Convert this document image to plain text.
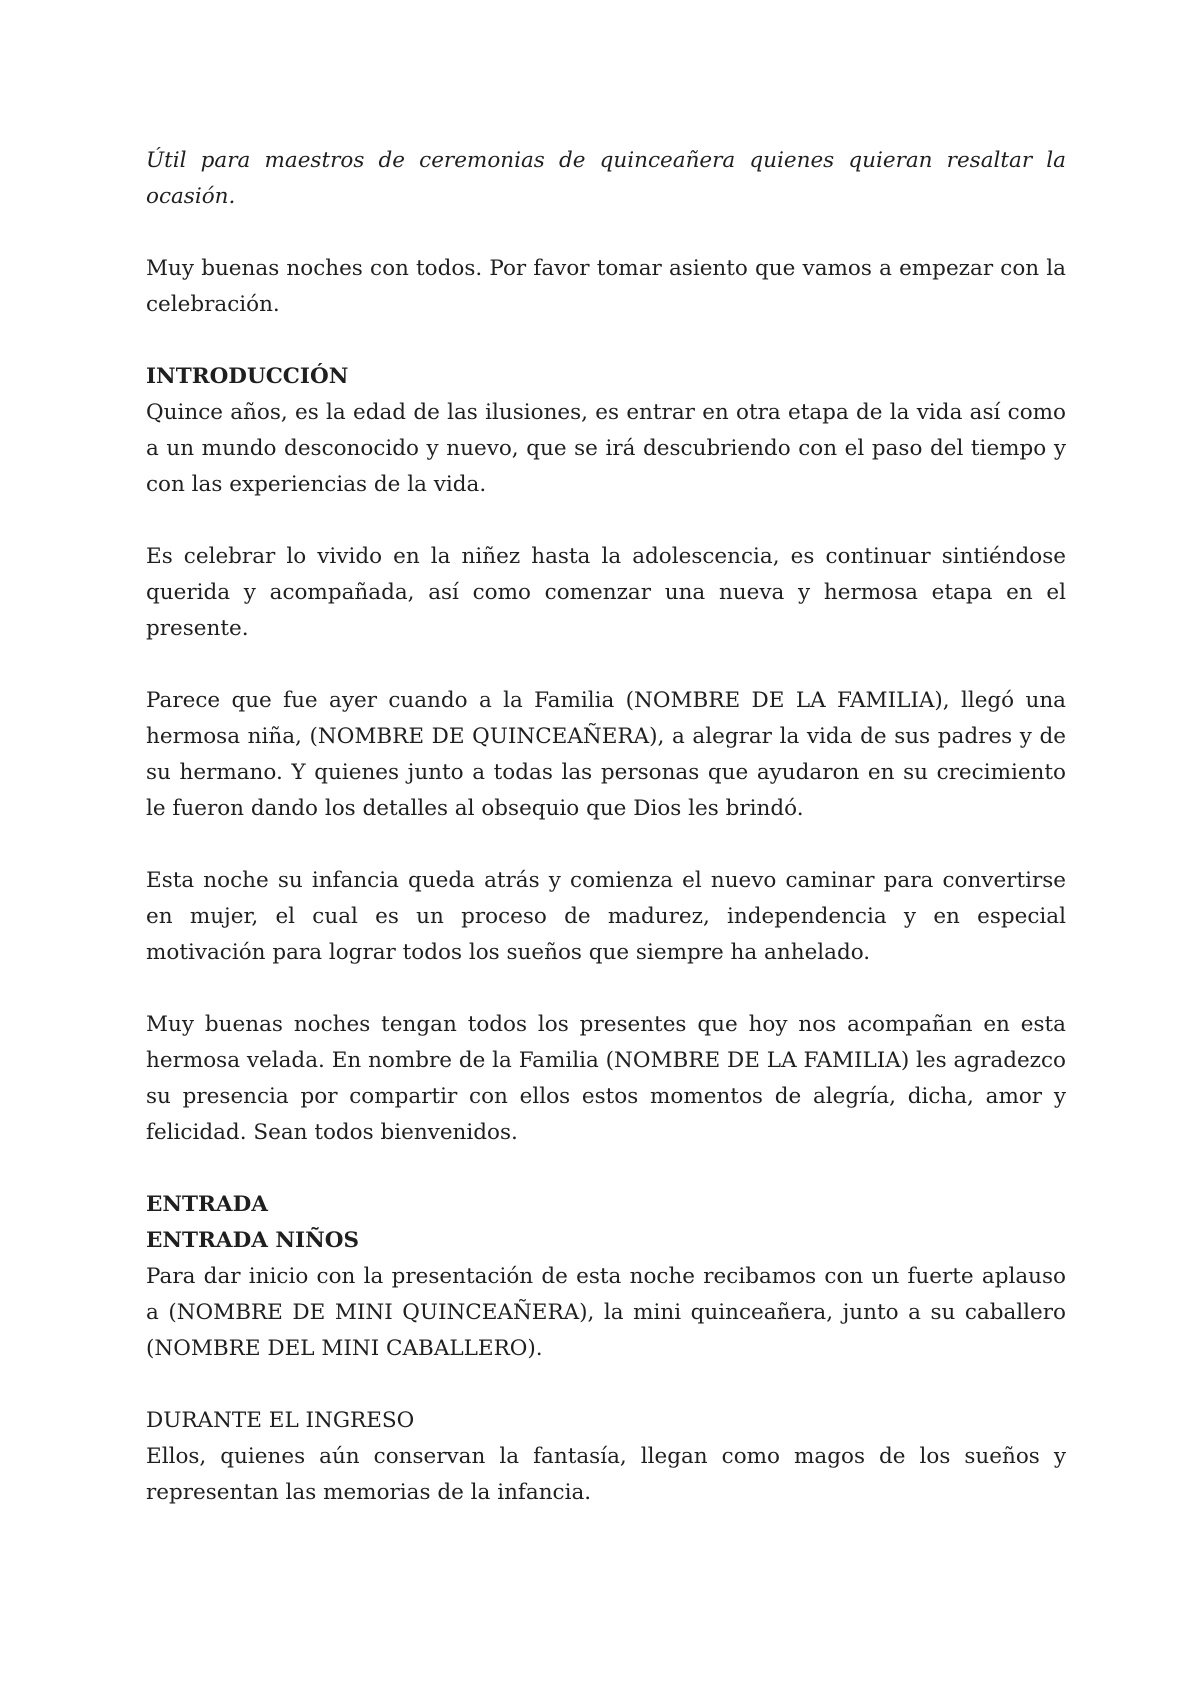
Útil para maestros de ceremonias de quinceañera quienes quieran resaltar la ocasión.

Muy buenas noches con todos. Por favor tomar asiento que vamos a empezar con la celebración.

INTRODUCCIÓN

Quince años, es la edad de las ilusiones, es entrar en otra etapa de la vida así como a un mundo desconocido y nuevo, que se irá descubriendo con el paso del tiempo y con las experiencias de la vida.

Es celebrar lo vivido en la niñez hasta la adolescencia, es continuar sintiéndose querida y acompañada, así como comenzar una nueva y hermosa etapa en el presente.

Parece que fue ayer cuando a la Familia (NOMBRE DE LA FAMILIA), llegó una hermosa niña, (NOMBRE DE QUINCEAÑERA), a alegrar la vida de sus padres y de su hermano. Y quienes junto a todas las personas que ayudaron en su crecimiento le fueron dando los detalles al obsequio que Dios les brindó.

Esta noche su infancia queda atrás y comienza el nuevo caminar para convertirse en mujer, el cual es un proceso de madurez, independencia y en especial motivación para lograr todos los sueños que siempre ha anhelado.

Muy buenas noches tengan todos los presentes que hoy nos acompañan en esta hermosa velada. En nombre de la Familia (NOMBRE DE LA FAMILIA) les agradezco su presencia por compartir con ellos estos momentos de alegría, dicha, amor y felicidad. Sean todos bienvenidos.

ENTRADA

ENTRADA NIÑOS

Para dar inicio con la presentación de esta noche recibamos con un fuerte aplauso a (NOMBRE DE MINI QUINCEAÑERA), la mini quinceañera, junto a su caballero (NOMBRE DEL MINI CABALLERO).

DURANTE EL INGRESO

Ellos, quienes aún conservan la fantasía, llegan como magos de los sueños y representan las memorias de la infancia.
